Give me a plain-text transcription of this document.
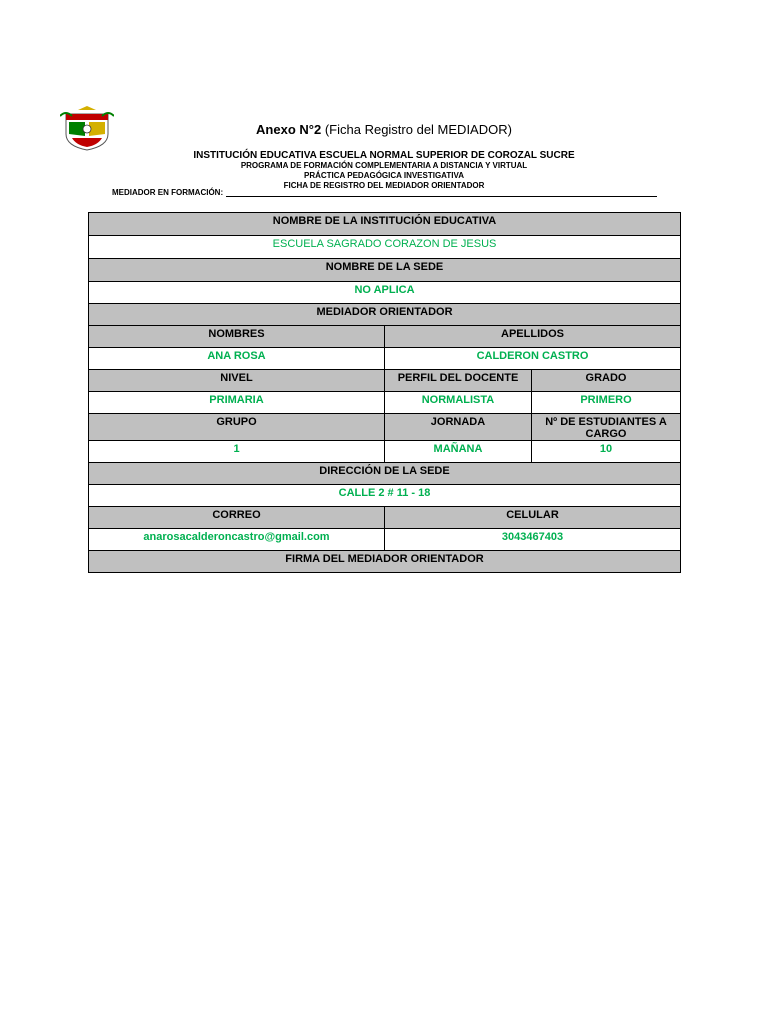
Anexo N°2 (Ficha Registro del MEDIADOR)
INSTITUCIÓN EDUCATIVA ESCUELA NORMAL SUPERIOR DE COROZAL SUCRE
PROGRAMA DE FORMACIÓN COMPLEMENTARIA A DISTANCIA Y VIRTUAL
PRÁCTICA PEDAGÓGICA INVESTIGATIVA
FICHA DE REGISTRO DEL MEDIADOR ORIENTADOR
MEDIADOR EN FORMACIÓN:
NOMBRE DE LA INSTITUCIÓN EDUCATIVA		
ESCUELA SAGRADO CORAZON DE JESUS		
NOMBRE DE LA SEDE		
NO APLICA		
MEDIADOR ORIENTADOR		
NOMBRES	APELLIDOS	
ANA ROSA	CALDERON CASTRO	
NIVEL	PERFIL DEL DOCENTE	GRADO
PRIMARIA	NORMALISTA	PRIMERO
GRUPO	JORNADA	Nº DE ESTUDIANTES A CARGO
1	MAÑANA	10
DIRECCIÓN DE LA SEDE		
CALLE 2 # 11 - 18		
CORREO	CELULAR	
anarosacalderoncastro@gmail.com	3043467403	
FIRMA DEL MEDIADOR ORIENTADOR		
